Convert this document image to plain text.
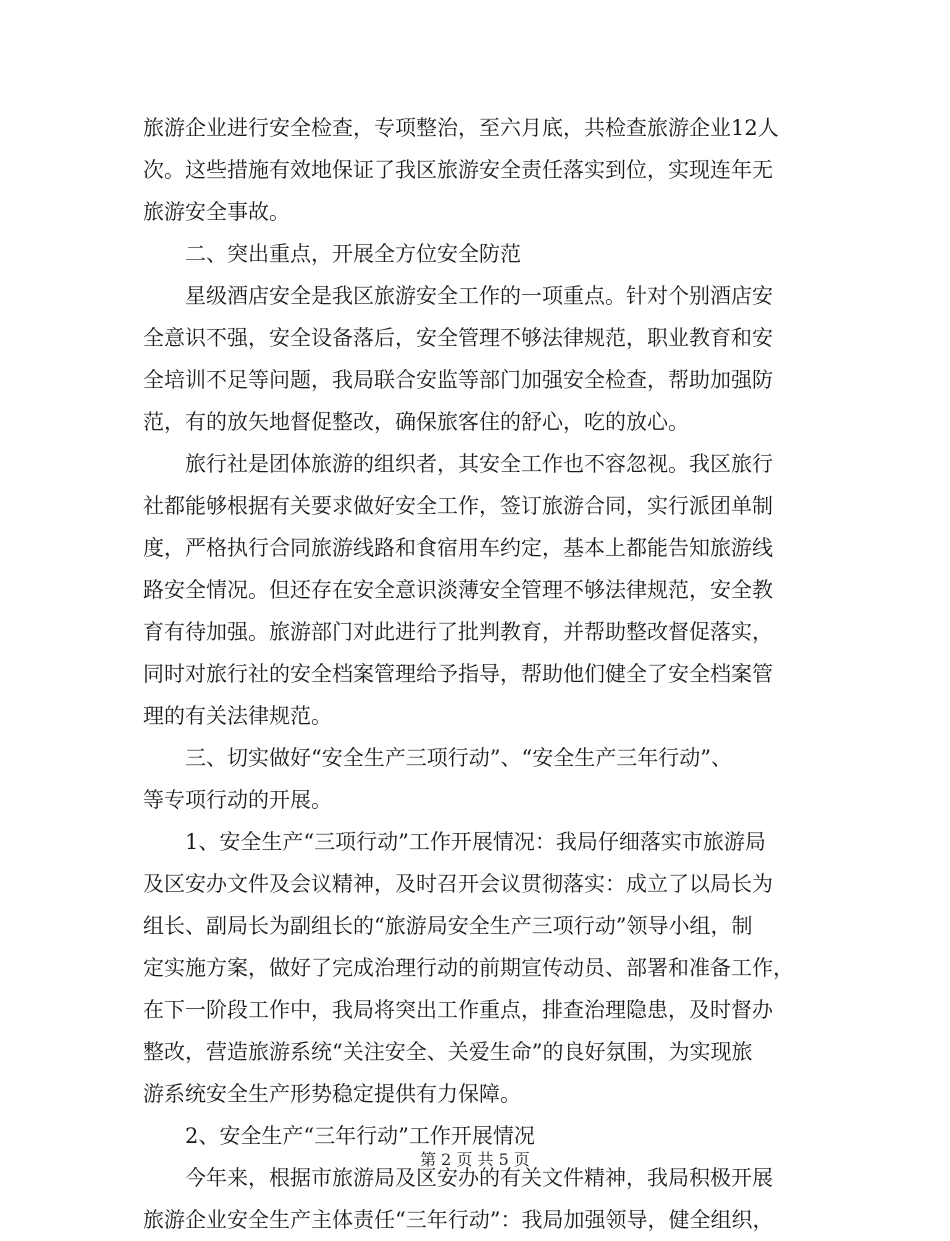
旅游企业进行安全检查，专项整治，至六月底，共检查旅游企业12人
次。这些措施有效地保证了我区旅游安全责任落实到位，实现连年无
旅游安全事故。
二、突出重点，开展全方位安全防范
星级酒店安全是我区旅游安全工作的一项重点。针对个别酒店安
全意识不强，安全设备落后，安全管理不够法律规范，职业教育和安
全培训不足等问题，我局联合安监等部门加强安全检查，帮助加强防
范，有的放矢地督促整改，确保旅客住的舒心，吃的放心。
旅行社是团体旅游的组织者，其安全工作也不容忽视。我区旅行
社都能够根据有关要求做好安全工作，签订旅游合同，实行派团单制
度，严格执行合同旅游线路和食宿用车约定，基本上都能告知旅游线
路安全情况。但还存在安全意识淡薄安全管理不够法律规范，安全教
育有待加强。旅游部门对此进行了批判教育，并帮助整改督促落实，
同时对旅行社的安全档案管理给予指导，帮助他们健全了安全档案管
理的有关法律规范。
三、切实做好“安全生产三项行动”、“安全生产三年行动”、
等专项行动的开展。
1、安全生产“三项行动”工作开展情况：我局仔细落实市旅游局
及区安办文件及会议精神，及时召开会议贯彻落实：成立了以局长为
组长、副局长为副组长的“旅游局安全生产三项行动”领导小组，制
定实施方案，做好了完成治理行动的前期宣传动员、部署和准备工作，
在下一阶段工作中，我局将突出工作重点，排查治理隐患，及时督办
整改，营造旅游系统“关注安全、关爱生命”的良好氛围，为实现旅
游系统安全生产形势稳定提供有力保障。
2、安全生产“三年行动”工作开展情况
今年来，根据市旅游局及区安办的有关文件精神，我局积极开展
旅游企业安全生产主体责任“三年行动”：我局加强领导，健全组织，
第 2 页 共 5 页
